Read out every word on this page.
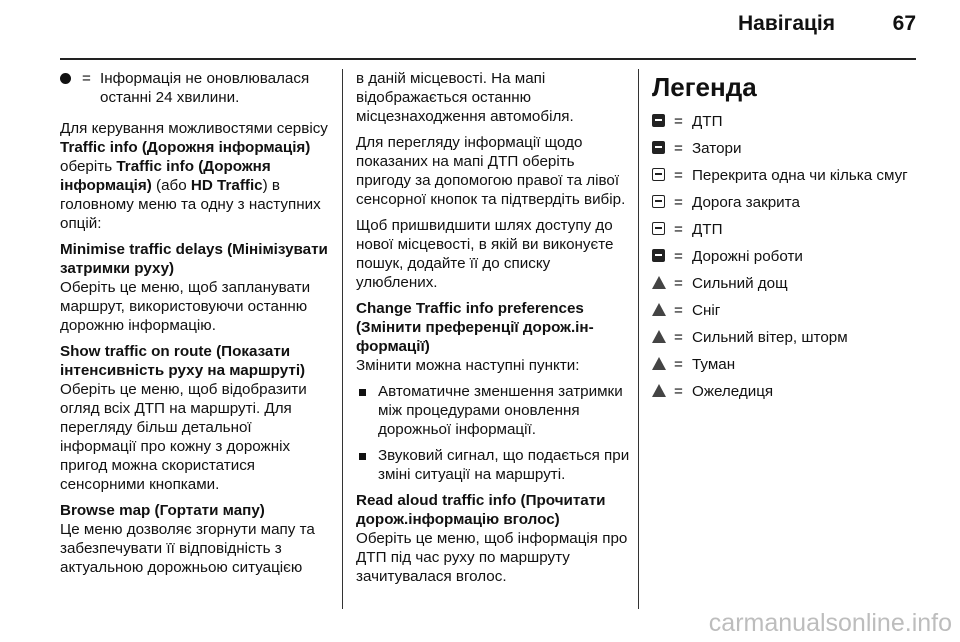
Навігація	67
= Інформація не оновлювалася останні 24 хвилини.

Для керування можливостями сервісу Traffic info (Дорожня інформація) оберіть Traffic info (Дорожня інформація) (або HD Traffic) в головному меню та одну з наступних опцій:

Minimise traffic delays (Мінімізувати затримки руху)

Оберіть це меню, щоб запланувати маршрут, використовуючи останню дорожню інформацію.

Show traffic on route (Показати інтенсивність руху на маршруті)

Оберіть це меню, щоб відобразити огляд всіх ДТП на маршруті. Для перегляду більш детальної інформації про кожну з дорожніх пригод можна скористатися сенсорними кнопками.

Browse map (Гортати мапу)

Це меню дозволяє згорнути мапу та забезпечувати її відповідність з актуальною дорожньою ситуацією

в даній місцевості. На мапі відображається останню місцезнаходження автомобіля.

Для перегляду інформації щодо показаних на мапі ДТП оберіть пригоду за допомогою правої та лівої сенсорної кнопок та підтвердіть вибір.

Щоб пришвидшити шлях доступу до нової місцевості, в якій ви виконуєте пошук, додайте її до списку улюблених.

Change Traffic info preferences (Змінити преференції дорож.інформації)

Змінити можна наступні пункти:

Автоматичне зменшення затримки між процедурами оновлення дорожньої інформації.
Звуковий сигнал, що подається при зміні ситуації на маршруті.

Read aloud traffic info (Прочитати дорож.інформацію вголос)

Оберіть це меню, щоб інформація про ДТП під час руху по маршруту зачитувалася вголос.

Легенда
= ДТП
= Затори
= Перекрита одна чи кілька смуг
= Дорога закрита
= ДТП
= Дорожні роботи
= Сильний дощ
= Сніг
= Сильний вітер, шторм
= Туман
= Ожеледиця
carmanualsonline.info
